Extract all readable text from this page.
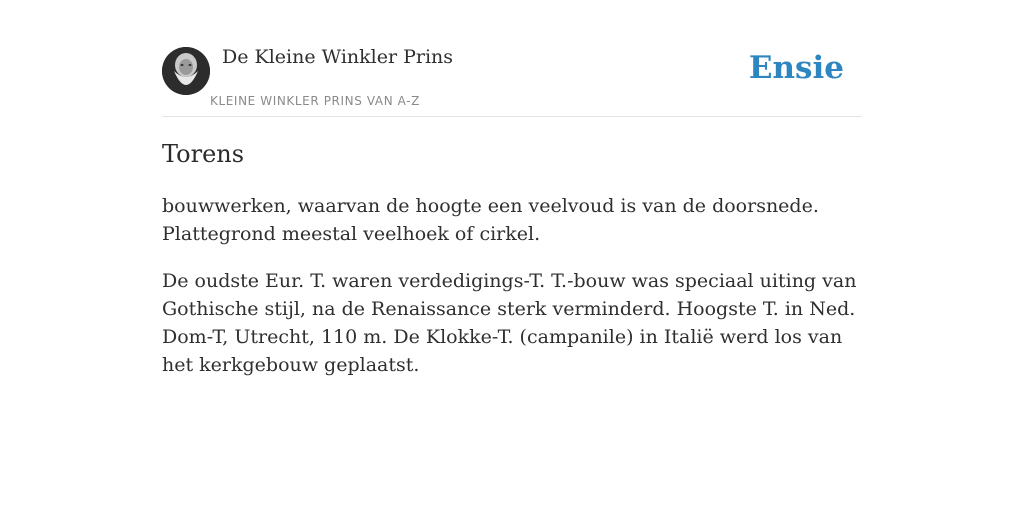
De Kleine Winkler Prins
KLEINE WINKLER PRINS VAN A-Z
Ensie
Torens

bouwwerken, waarvan de hoogte een veelvoud is van de doorsnede. Plattegrond meestal veelhoek of cirkel.

De oudste Eur. T. waren verdedigings-T. T.-bouw was speciaal uiting van Gothische stijl, na de Renaissance sterk verminderd. Hoogste T. in Ned. Dom-T, Utrecht, 110 m. De Klokke-T. (campanile) in Italië werd los van het kerkgebouw geplaatst.
